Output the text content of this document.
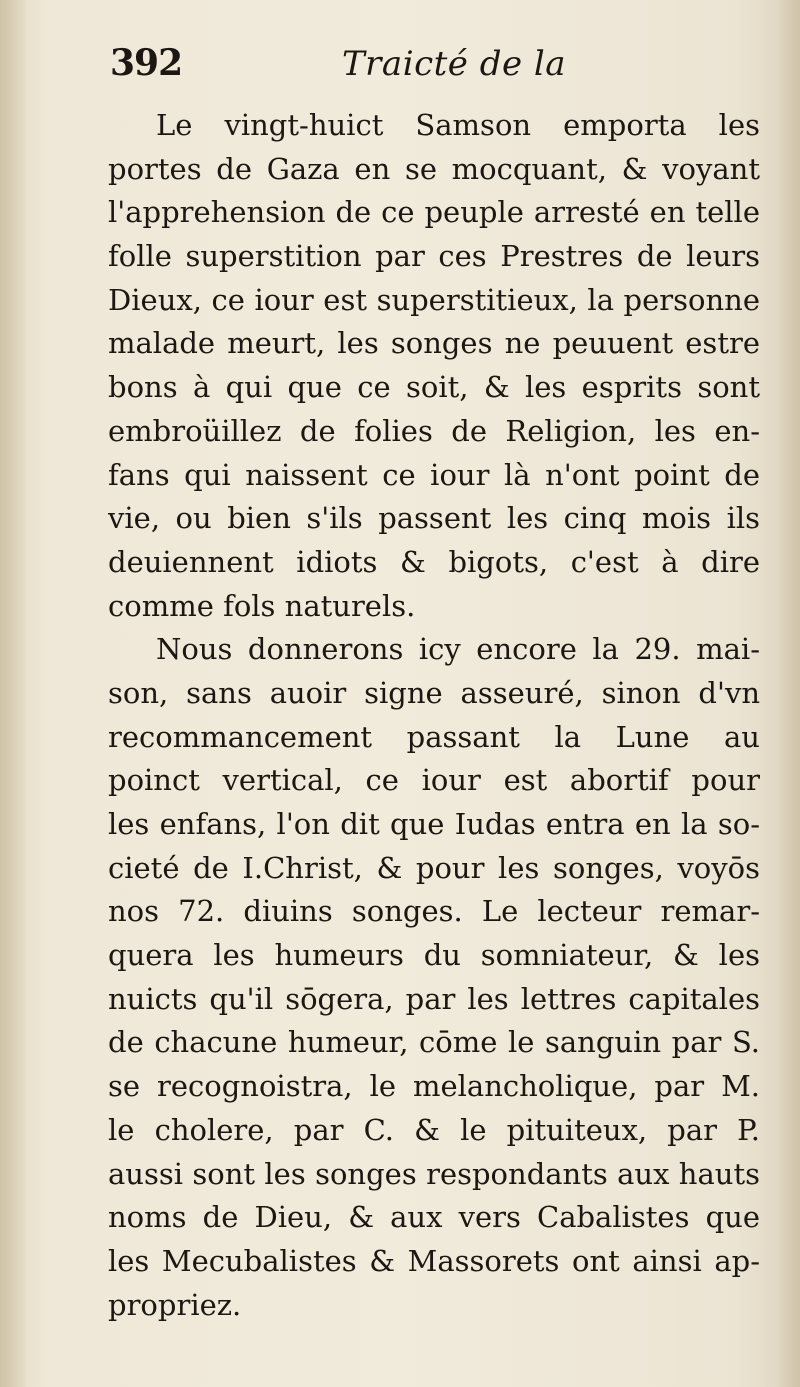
392	Traicté de la
Le vingt-huict Samson emporta les
portes de Gaza en se mocquant, & voyant
l'apprehension de ce peuple arresté en telle
folle superstition par ces Prestres de leurs
Dieux, ce iour est superstitieux, la personne
malade meurt, les songes ne peuuent estre
bons à qui que ce soit, & les esprits sont
embroüillez de folies de Religion, les en-
fans qui naissent ce iour là n'ont point de
vie, ou bien s'ils passent les cinq mois ils
deuiennent idiots & bigots, c'est à dire
comme fols naturels.
Nous donnerons icy encore la 29. mai-
son, sans auoir signe asseuré, sinon d'vn
recommancement passant la Lune au
poinct vertical, ce iour est abortif pour
les enfans, l'on dit que Iudas entra en la so-
cieté de I.Christ, & pour les songes, voyōs
nos 72. diuins songes. Le lecteur remar-
quera les humeurs du somniateur, & les
nuicts qu'il sōgera, par les lettres capitales
de chacune humeur, cōme le sanguin par S.
se recognoistra, le melancholique, par M.
le cholere, par C. & le pituiteux, par P.
aussi sont les songes respondants aux hauts
noms de Dieu, & aux vers Cabalistes que
les Mecubalistes & Massorets ont ainsi ap-
propriez.
